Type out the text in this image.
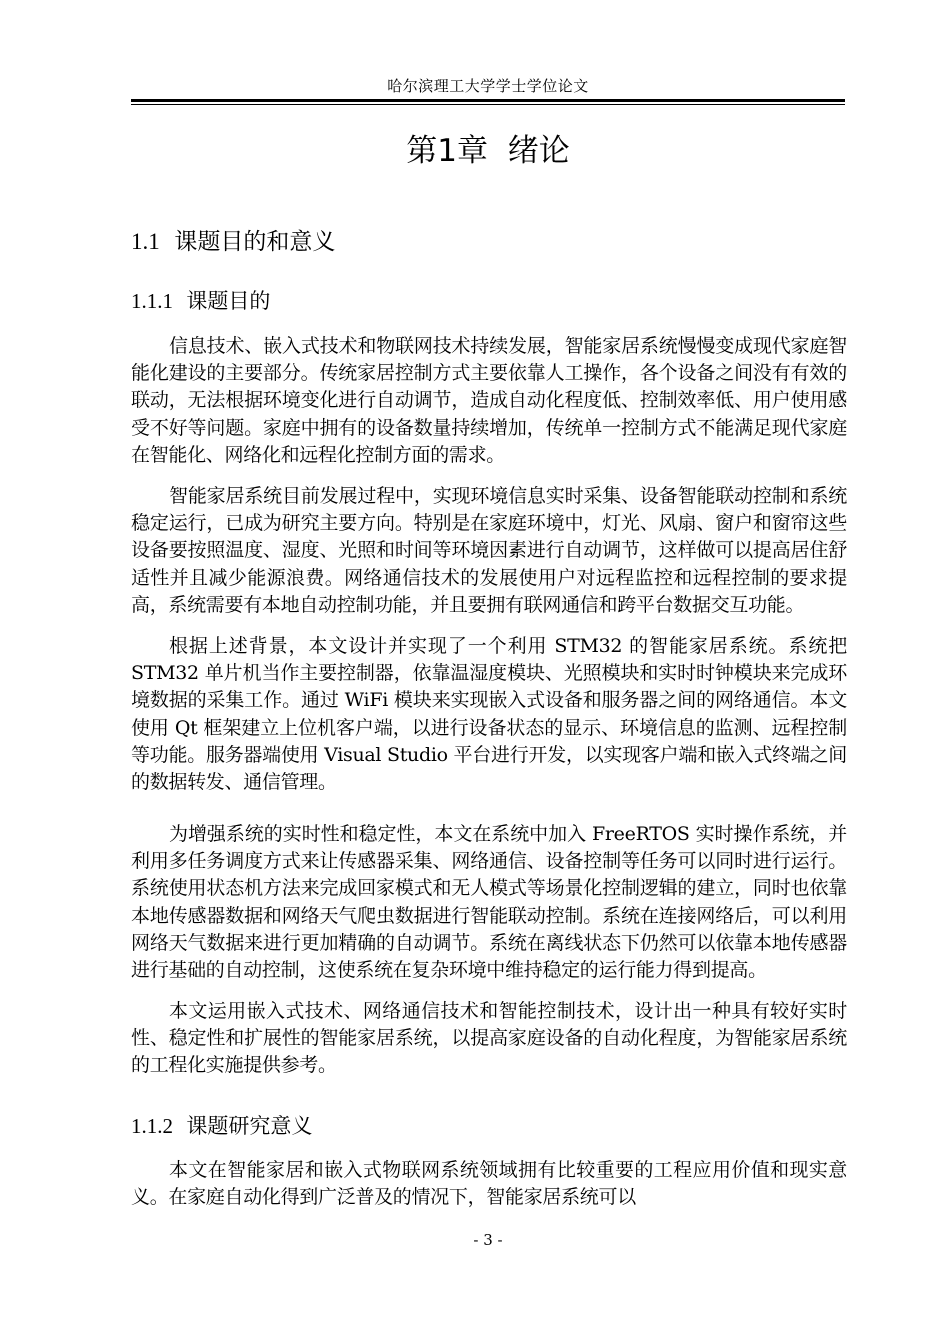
哈尔滨理工大学学士学位论文
第1章  绪论
1.1 课题目的和意义
1.1.1 课题目的

信息技术、嵌入式技术和物联网技术持续发展，智能家居系统慢慢变成现代家庭智能化建设的主要部分。传统家居控制方式主要依靠人工操作，各个设备之间没有有效的联动，无法根据环境变化进行自动调节，造成自动化程度低、控制效率低、用户使用感受不好等问题。家庭中拥有的设备数量持续增加，传统单一控制方式不能满足现代家庭在智能化、网络化和远程化控制方面的需求。

智能家居系统目前发展过程中，实现环境信息实时采集、设备智能联动控制和系统稳定运行，已成为研究主要方向。特别是在家庭环境中，灯光、风扇、窗户和窗帘这些设备要按照温度、湿度、光照和时间等环境因素进行自动调节，这样做可以提高居住舒适性并且减少能源浪费。网络通信技术的发展使用户对远程监控和远程控制的要求提高，系统需要有本地自动控制功能，并且要拥有联网通信和跨平台数据交互功能。

根据上述背景，本文设计并实现了一个利用 STM32 的智能家居系统。系统把 STM32 单片机当作主要控制器，依靠温湿度模块、光照模块和实时时钟模块来完成环境数据的采集工作。通过 WiFi 模块来实现嵌入式设备和服务器之间的网络通信。本文使用 Qt 框架建立上位机客户端，以进行设备状态的显示、环境信息的监测、远程控制等功能。服务器端使用 Visual Studio 平台进行开发，以实现客户端和嵌入式终端之间的数据转发、通信管理。

为增强系统的实时性和稳定性，本文在系统中加入 FreeRTOS 实时操作系统，并利用多任务调度方式来让传感器采集、网络通信、设备控制等任务可以同时进行运行。系统使用状态机方法来完成回家模式和无人模式等场景化控制逻辑的建立，同时也依靠本地传感器数据和网络天气爬虫数据进行智能联动控制。系统在连接网络后，可以利用网络天气数据来进行更加精确的自动调节。系统在离线状态下仍然可以依靠本地传感器进行基础的自动控制，这使系统在复杂环境中维持稳定的运行能力得到提高。

本文运用嵌入式技术、网络通信技术和智能控制技术，设计出一种具有较好实时性、稳定性和扩展性的智能家居系统，以提高家庭设备的自动化程度，为智能家居系统的工程化实施提供参考。

1.1.2 课题研究意义

本文在智能家居和嵌入式物联网系统领域拥有比较重要的工程应用价值和现实意义。在家庭自动化得到广泛普及的情况下，智能家居系统可以

- 3 -
